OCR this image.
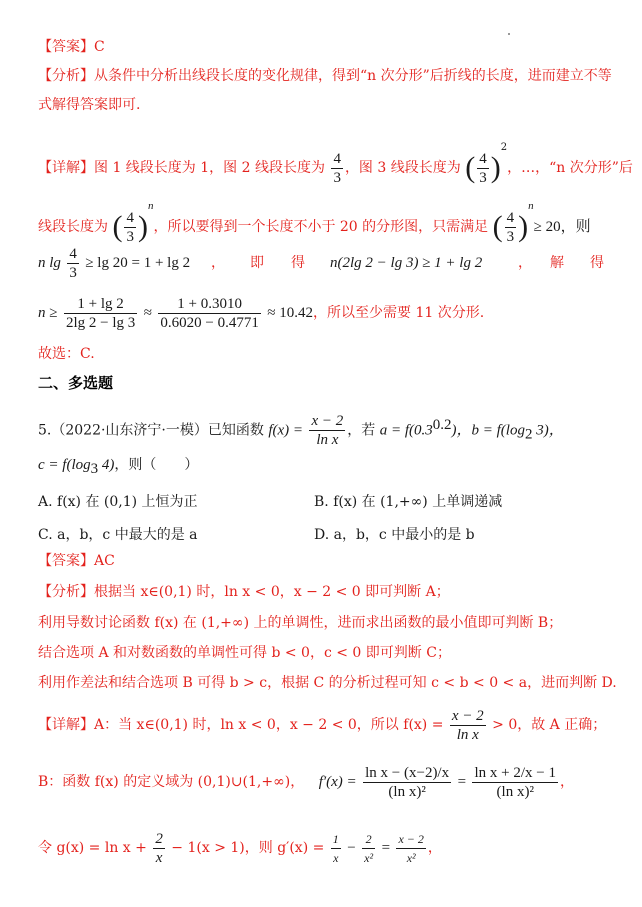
【答案】C
【分析】从条件中分析出线段长度的变化规律，得到“n 次分形”后折线的长度，进而建立不等
式解得答案即可.
【详解】图 1 线段长度为 1，图 2 线段长度为 $\frac{4}{3}$ ，图 3 线段长度为 ( $\frac{4}{3} )^2$，…，“n 次分形”后
线段长度为 ( $\frac{4}{3} )^n$，所以要得到一个长度不小于 20 的分形图，只需满足 ( $\frac{4}{3} )^n\ge 20$，则
n $\lg \frac{4}{3} \ge \lg 20 = 1 + \lg 2$ ， 即 得 n(2lg 2 − lg 3) ≥ 1 + lg 2	， 解 得
$n \ge \frac{1 + \lg 2}{2\lg 2 - \lg 3} \approx \frac{1 + 0.3010}{0.6020 - 0.4771} \approx 10.42$，所以至少需要 11 次分形.
故选：C.
二、多选题
5.（2022·山东济宁·一模）已知函数 $f(x) = \frac{x - 2}{\text{ln x}}$ ，若 $a = f(0.3^{0.2})$，$b = f(\log_2$ 3)，
$c = f(\log_3$ 4)，则（　　）
A. f(x) 在 (0,1) 上恒为正	B. f(x) 在 (1,+∞) 上单调递减
C. a，b，c 中最大的是 a	D. a，b，c 中最小的是 b
【答案】AC
【分析】根据当 x∈(0,1) 时，ln x < 0，x − 2 < 0 即可判断 A；
利用导数讨论函数 f(x) 在 (1,+∞) 上的单调性，进而求出函数的最小值即可判断 B；
结合选项 A 和对数函数的单调性可得 b < 0，c < 0 即可判断 C；
利用作差法和结合选项 B 可得 b > c，根据 C 的分析过程可知 c < b < 0 < a，进而判断 D.
【详解】A：当 x∈(0,1) 时，ln x < 0，x − 2 < 0，所以 $f(x) = \frac{x - 2}{\text{ln x}} > 0$，故 A 正确；
B：函数 f(x) 的定义域为 (0,1)∪(1,+∞)， $f'(x) = \frac{\text{ln x − (x−2)/x}}{\text{(ln x)²}} = \frac{\text{ln x + 2/x − 1}}{\text{(ln x)²}}$ ，
令 $g(x) = \ln x + \frac{2}{x} - 1(x > 1)$，则 $g'(x) = \frac{1}{x} - \frac{2}{\text{x²}} = \frac{x - 2}{\text{x²}}$ ，
